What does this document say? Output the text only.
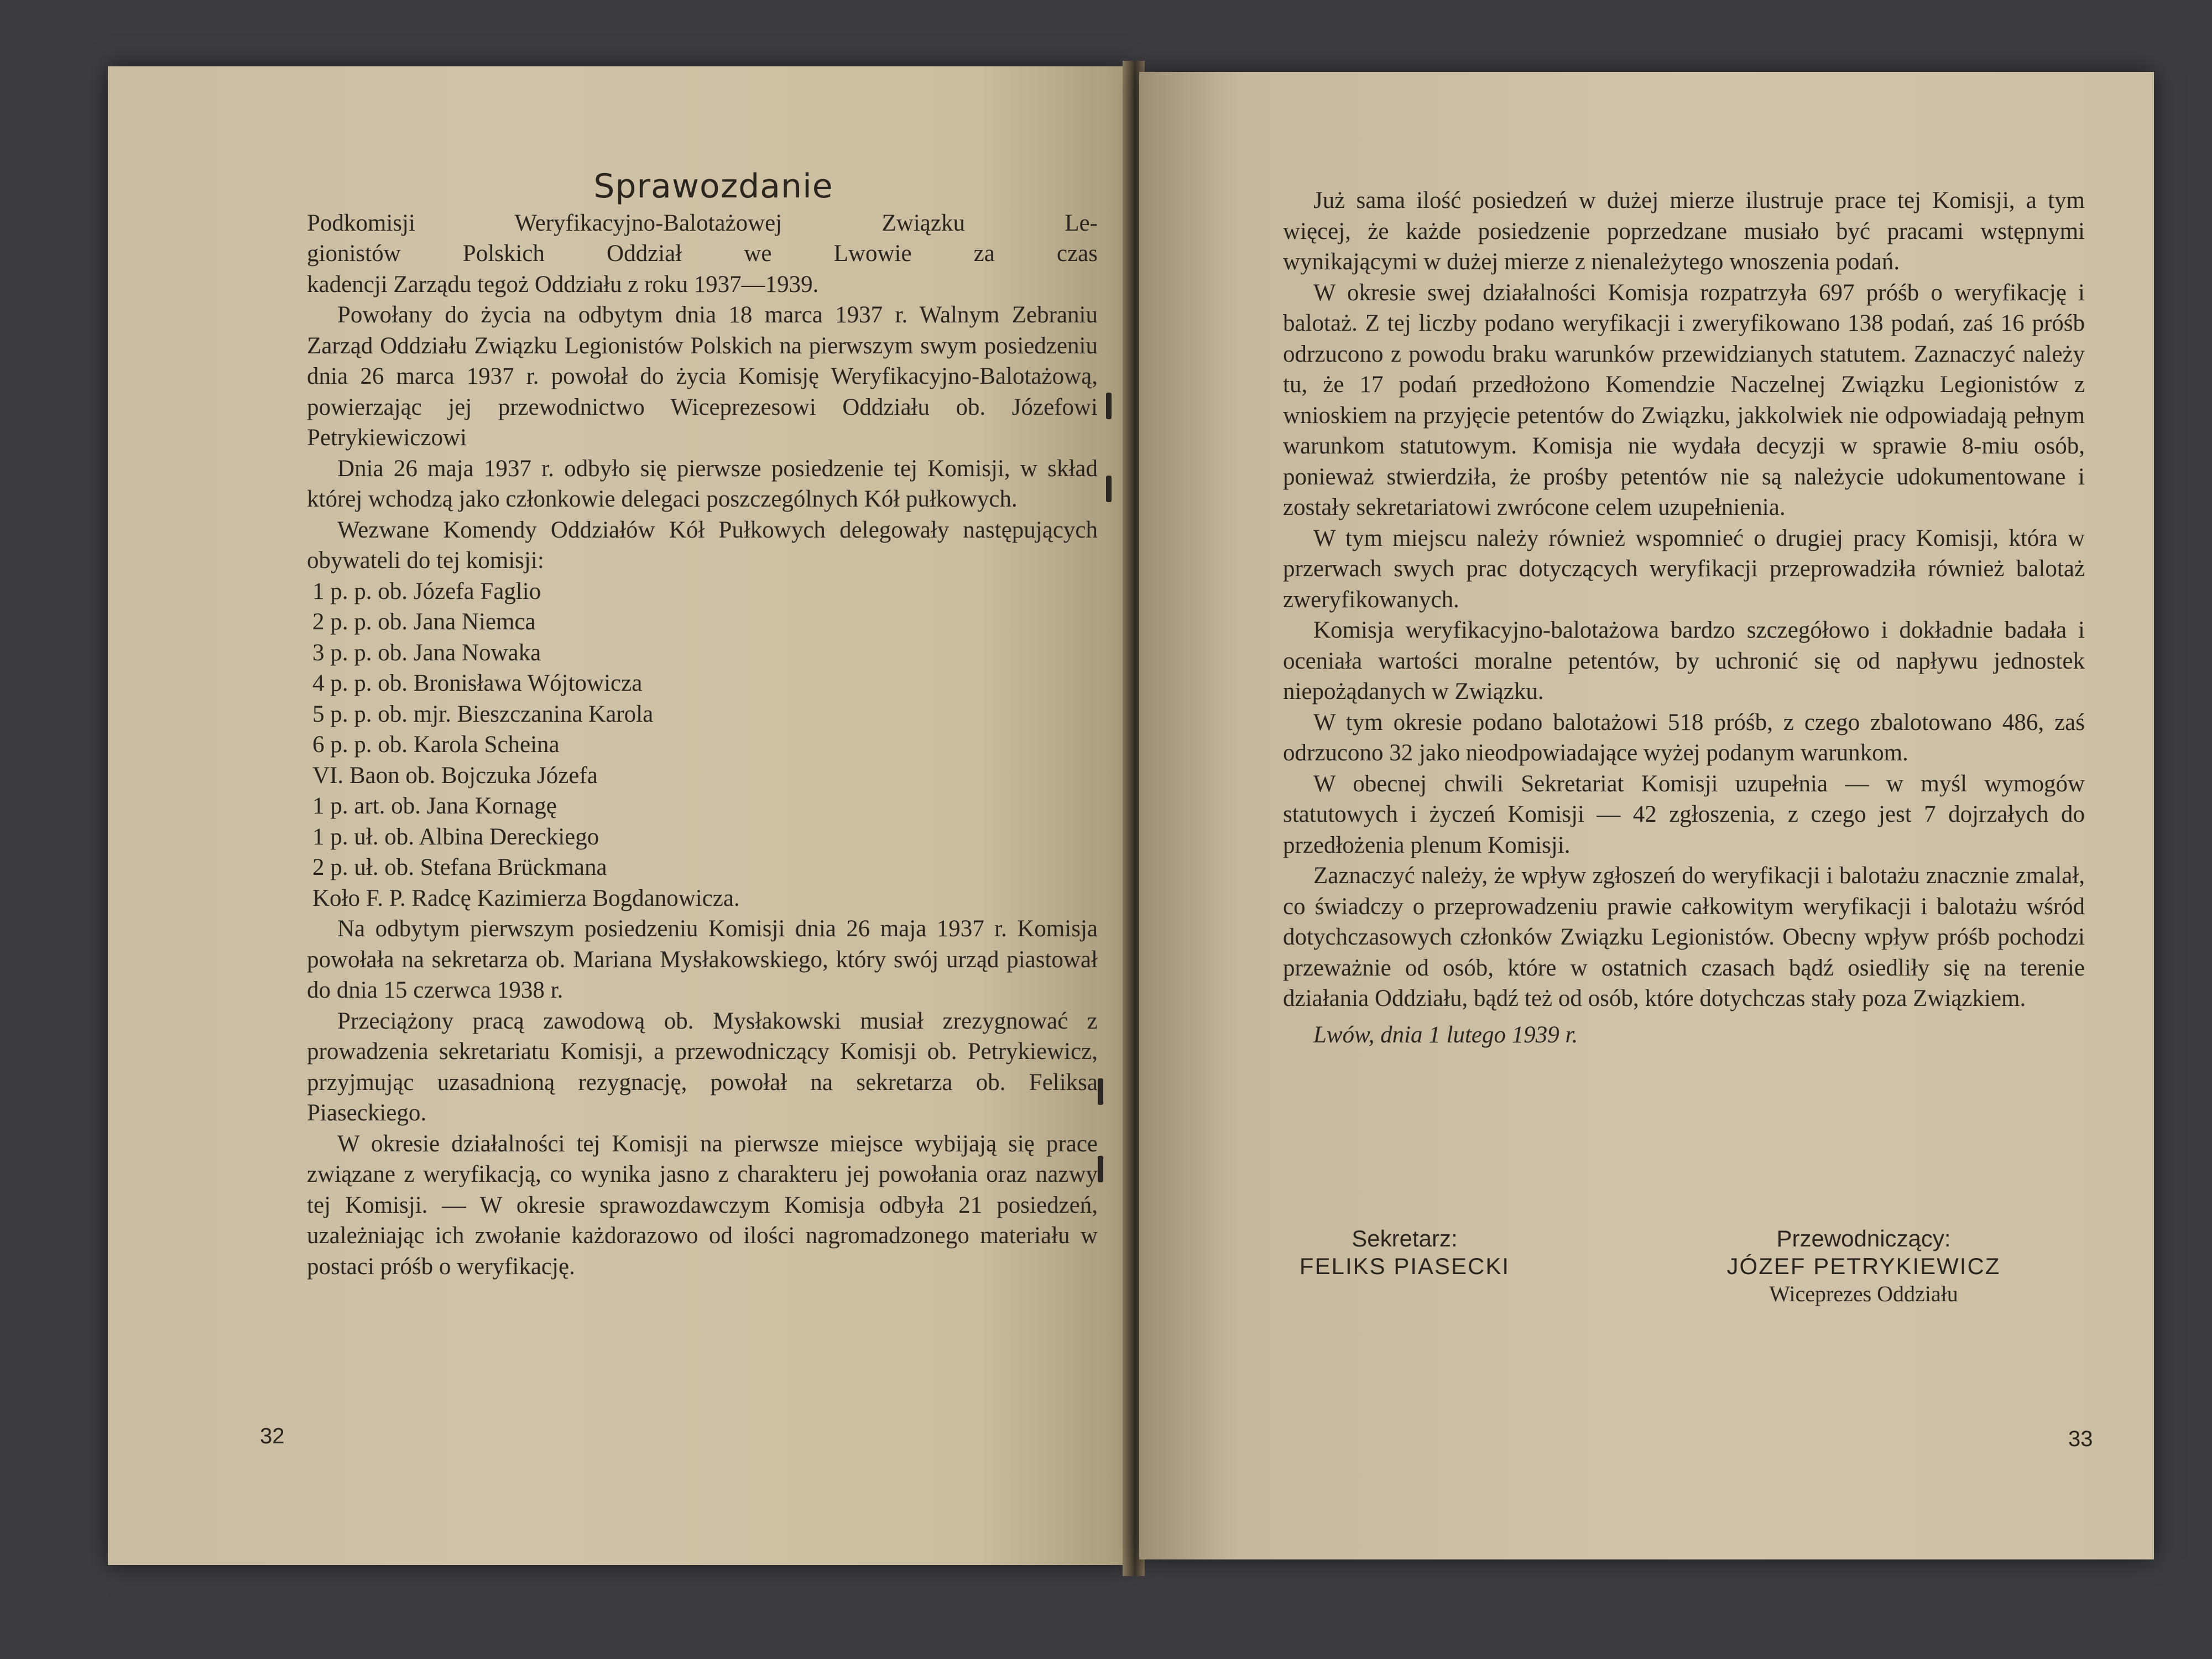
Sprawozdanie

Podkomisji Weryfikacyjno-Balotażowej Związku Le-

gionistów Polskich Oddział we Lwowie za czas

kadencji Zarządu tegoż Oddziału z roku 1937—1939.

Powołany do życia na odbytym dnia 18 marca 1937 r. Walnym Zebraniu Zarząd Oddziału Związku Legionistów Polskich na pierwszym swym posiedzeniu dnia 26 marca 1937 r. powołał do życia Komisję Weryfikacyjno-Balotażową, powierzając jej przewodnictwo Wiceprezesowi Oddziału ob. Józefowi Petrykiewiczowi

Dnia 26 maja 1937 r. odbyło się pierwsze posiedzenie tej Komisji, w skład której wchodzą jako członkowie delegaci poszczególnych Kół pułkowych.

Wezwane Komendy Oddziałów Kół Pułkowych delegowały następujących obywateli do tej komisji:

1 p. p. ob. Józefa Faglio
2 p. p. ob. Jana Niemca
3 p. p. ob. Jana Nowaka
4 p. p. ob. Bronisława Wójtowicza
5 p. p. ob. mjr. Bieszczanina Karola
6 p. p. ob. Karola Scheina
VI. Baon ob. Bojczuka Józefa
1 p. art. ob. Jana Kornagę
1 p. uł. ob. Albina Dereckiego
2 p. uł. ob. Stefana Brückmana
Koło F. P. Radcę Kazimierza Bogdanowicza.

Na odbytym pierwszym posiedzeniu Komisji dnia 26 maja 1937 r. Komisja powołała na sekretarza ob. Mariana Mysłakowskiego, który swój urząd piastował do dnia 15 czerwca 1938 r.

Przeciążony pracą zawodową ob. Mysłakowski musiał zrezygnować z prowadzenia sekretariatu Komisji, a przewodniczący Komisji ob. Petrykiewicz, przyjmując uzasadnioną rezygnację, powołał na sekretarza ob. Feliksa Piaseckiego.

W okresie działalności tej Komisji na pierwsze miejsce wybijają się prace związane z weryfikacją, co wynika jasno z charakteru jej powołania oraz nazwy tej Komisji. — W okresie sprawozdawczym Komisja odbyła 21 posiedzeń, uzależniając ich zwołanie każdorazowo od ilości nagromadzonego materiału w postaci próśb o weryfikację.

32

Już sama ilość posiedzeń w dużej mierze ilustruje prace tej Komisji, a tym więcej, że każde posiedzenie poprzedzane musiało być pracami wstępnymi wynikającymi w dużej mierze z nienależytego wnoszenia podań.

W okresie swej działalności Komisja rozpatrzyła 697 próśb o weryfikację i balotaż. Z tej liczby podano weryfikacji i zweryfikowano 138 podań, zaś 16 próśb odrzucono z powodu braku warunków przewidzianych statutem. Zaznaczyć należy tu, że 17 podań przedłożono Komendzie Naczelnej Związku Legionistów z wnioskiem na przyjęcie petentów do Związku, jakkolwiek nie odpowiadają pełnym warunkom statutowym. Komisja nie wydała decyzji w sprawie 8-miu osób, ponieważ stwierdziła, że prośby petentów nie są należycie udokumentowane i zostały sekretariatowi zwrócone celem uzupełnienia.

W tym miejscu należy również wspomnieć o drugiej pracy Komisji, która w przerwach swych prac dotyczących weryfikacji przeprowadziła również balotaż zweryfikowanych.

Komisja weryfikacyjno-balotażowa bardzo szczegółowo i dokładnie badała i oceniała wartości moralne petentów, by uchronić się od napływu jednostek niepożądanych w Związku.

W tym okresie podano balotażowi 518 próśb, z czego zbalotowano 486, zaś odrzucono 32 jako nieodpowiadające wyżej podanym warunkom.

W obecnej chwili Sekretariat Komisji uzupełnia — w myśl wymogów statutowych i życzeń Komisji — 42 zgłoszenia, z czego jest 7 dojrzałych do przedłożenia plenum Komisji.

Zaznaczyć należy, że wpływ zgłoszeń do weryfikacji i balotażu znacznie zmalał, co świadczy o przeprowadzeniu prawie całkowitym weryfikacji i balotażu wśród dotychczasowych członków Związku Legionistów. Obecny wpływ próśb pochodzi przeważnie od osób, które w ostatnich czasach bądź osiedliły się na terenie działania Oddziału, bądź też od osób, które dotychczas stały poza Związkiem.

Lwów, dnia 1 lutego 1939 r.

Sekretarz:
FELIKS PIASECKI
Przewodniczący:
JÓZEF PETRYKIEWICZ
Wiceprezes Oddziału
33
